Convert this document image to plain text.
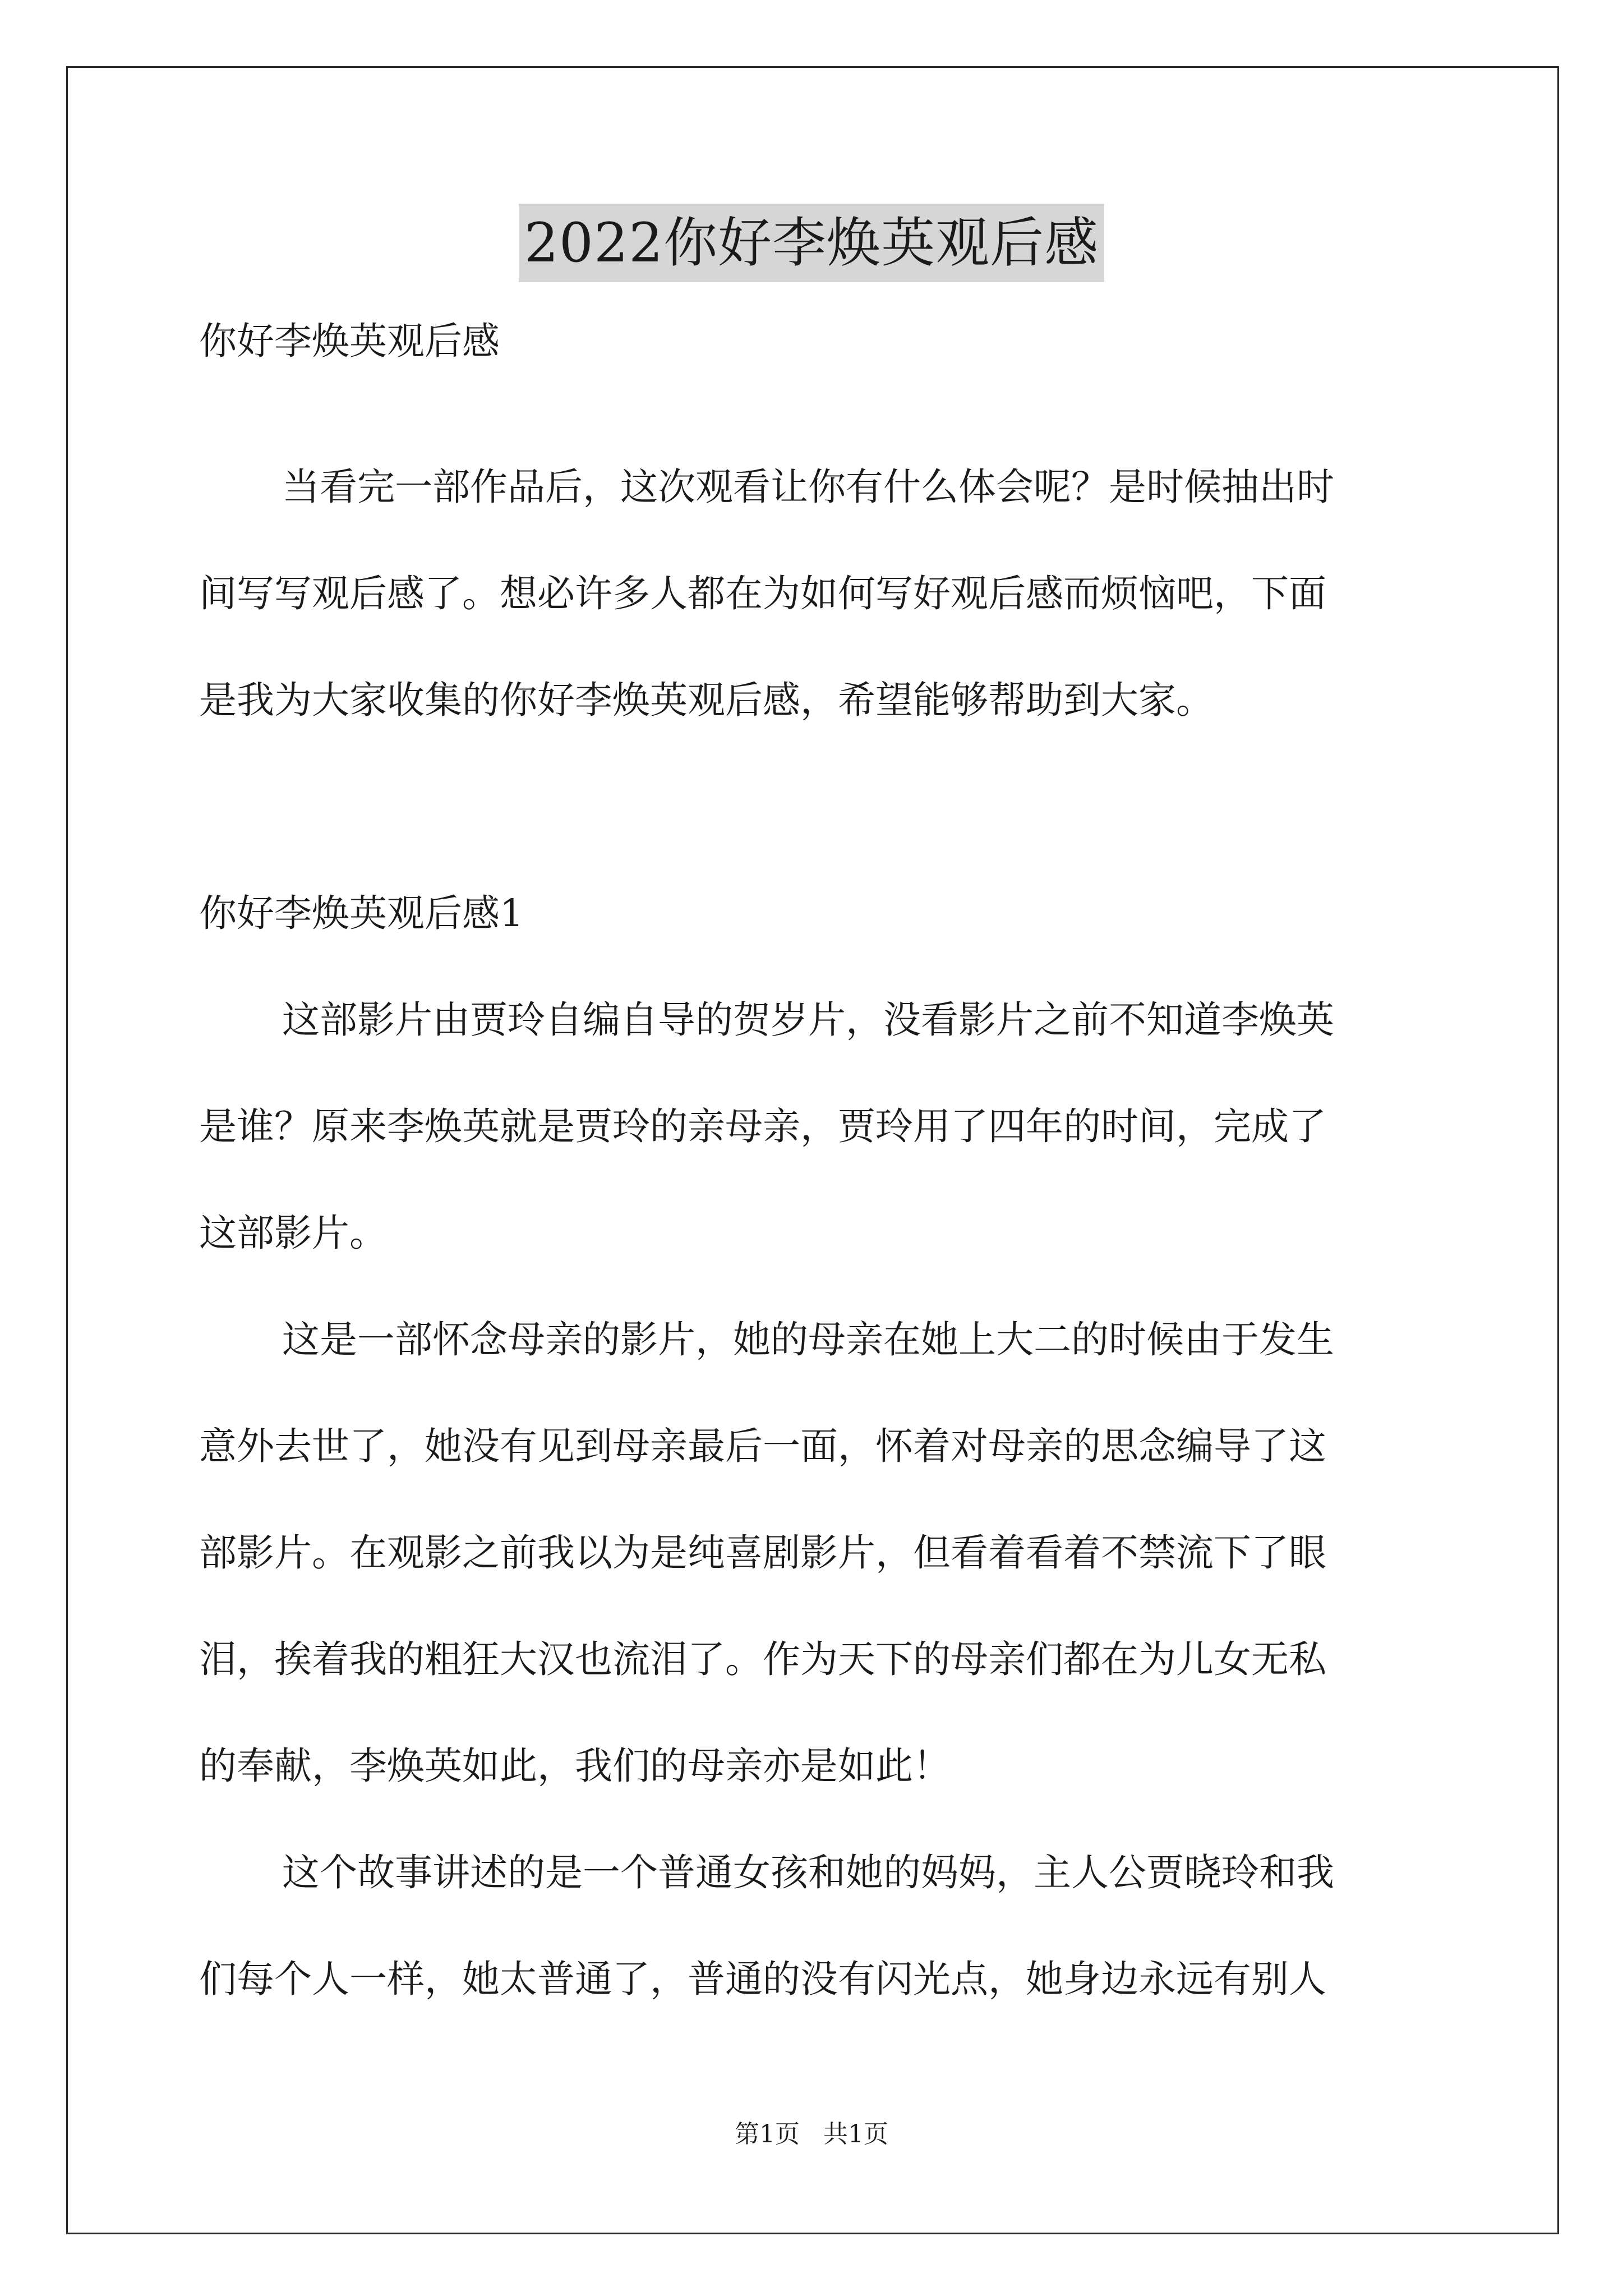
2022你好李焕英观后感

你好李焕英观后感

当看完一部作品后，这次观看让你有什么体会呢？是时候抽出时

间写写观后感了。想必许多人都在为如何写好观后感而烦恼吧，下面

是我为大家收集的你好李焕英观后感，希望能够帮助到大家。

你好李焕英观后感1

这部影片由贾玲自编自导的贺岁片，没看影片之前不知道李焕英

是谁？原来李焕英就是贾玲的亲母亲，贾玲用了四年的时间，完成了

这部影片。

这是一部怀念母亲的影片，她的母亲在她上大二的时候由于发生

意外去世了，她没有见到母亲最后一面，怀着对母亲的思念编导了这

部影片。在观影之前我以为是纯喜剧影片，但看着看着不禁流下了眼

泪，挨着我的粗狂大汉也流泪了。作为天下的母亲们都在为儿女无私

的奉献，李焕英如此，我们的母亲亦是如此！

这个故事讲述的是一个普通女孩和她的妈妈，主人公贾晓玲和我

们每个人一样，她太普通了，普通的没有闪光点，她身边永远有别人

第1页   共1页
